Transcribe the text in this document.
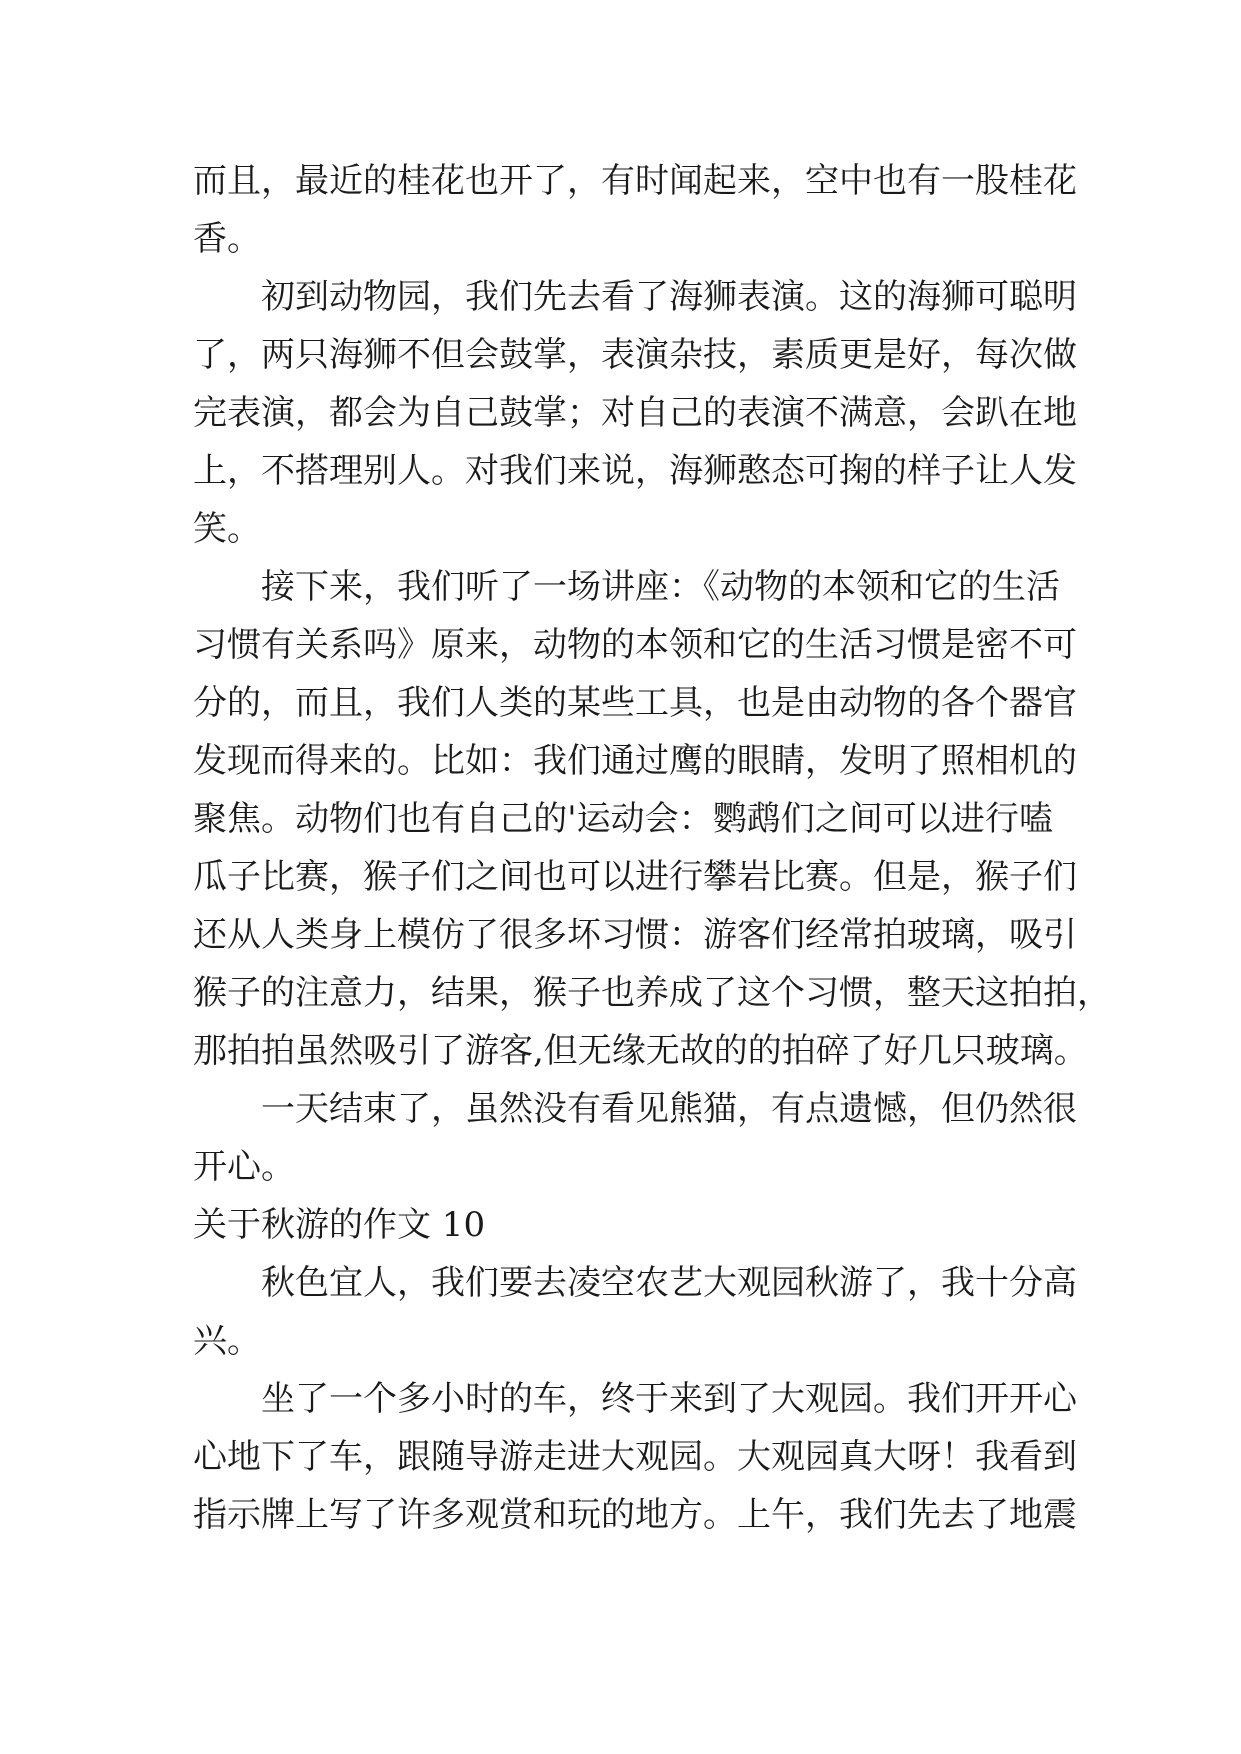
而且，最近的桂花也开了，有时闻起来，空中也有一股桂花
香。
初到动物园，我们先去看了海狮表演。这的海狮可聪明
了，两只海狮不但会鼓掌，表演杂技，素质更是好，每次做
完表演，都会为自己鼓掌；对自己的表演不满意，会趴在地
上，不搭理别人。对我们来说，海狮憨态可掬的样子让人发
笑。
接下来，我们听了一场讲座：《动物的本领和它的生活
习惯有关系吗》原来，动物的本领和它的生活习惯是密不可
分的，而且，我们人类的某些工具，也是由动物的各个器官
发现而得来的。比如：我们通过鹰的眼睛，发明了照相机的
聚焦。动物们也有自己的'运动会：鹦鹉们之间可以进行嗑
瓜子比赛，猴子们之间也可以进行攀岩比赛。但是，猴子们
还从人类身上模仿了很多坏习惯：游客们经常拍玻璃，吸引
猴子的注意力，结果，猴子也养成了这个习惯，整天这拍拍，
那拍拍虽然吸引了游客,但无缘无故的的拍碎了好几只玻璃。
一天结束了，虽然没有看见熊猫，有点遗憾，但仍然很
开心。
关于秋游的作文 10
秋色宜人，我们要去凌空农艺大观园秋游了，我十分高
兴。
坐了一个多小时的车，终于来到了大观园。我们开开心
心地下了车，跟随导游走进大观园。大观园真大呀！我看到
指示牌上写了许多观赏和玩的地方。上午，我们先去了地震
